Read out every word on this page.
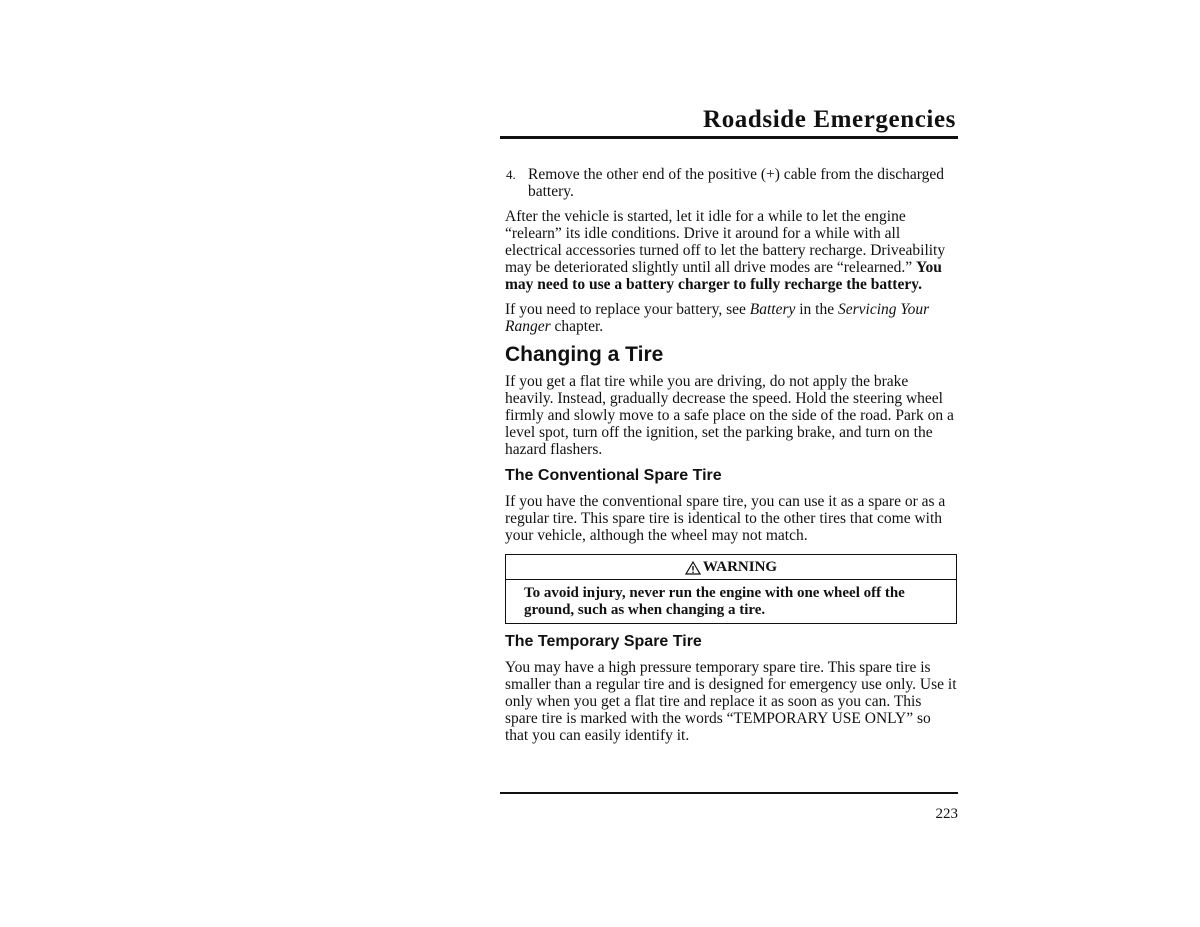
Roadside Emergencies
4. Remove the other end of the positive (+) cable from the discharged battery.

After the vehicle is started, let it idle for a while to let the engine “relearn” its idle conditions. Drive it around for a while with all electrical accessories turned off to let the battery recharge. Driveability may be deteriorated slightly until all drive modes are “relearned.” You may need to use a battery charger to fully recharge the battery.

If you need to replace your battery, see Battery in the Servicing Your Ranger chapter.

Changing a Tire

If you get a flat tire while you are driving, do not apply the brake heavily. Instead, gradually decrease the speed. Hold the steering wheel firmly and slowly move to a safe place on the side of the road. Park on a level spot, turn off the ignition, set the parking brake, and turn on the hazard flashers.

The Conventional Spare Tire

If you have the conventional spare tire, you can use it as a spare or as a regular tire. This spare tire is identical to the other tires that come with your vehicle, although the wheel may not match.

WARNING
To avoid injury, never run the engine with one wheel off the ground, such as when changing a tire.
The Temporary Spare Tire

You may have a high pressure temporary spare tire. This spare tire is smaller than a regular tire and is designed for emergency use only. Use it only when you get a flat tire and replace it as soon as you can. This spare tire is marked with the words “TEMPORARY USE ONLY” so that you can easily identify it.

223
